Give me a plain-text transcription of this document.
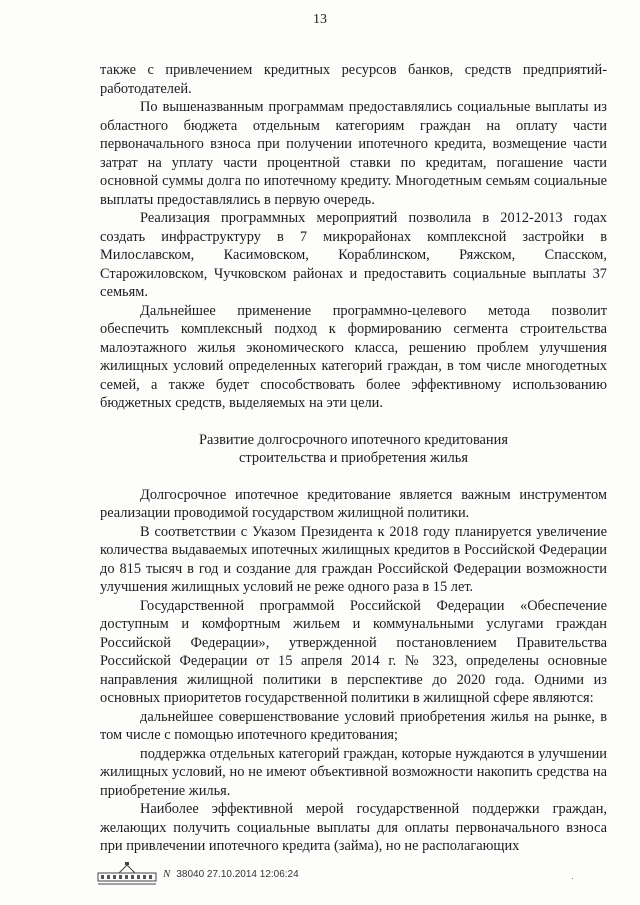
13

также с привлечением кредитных ресурсов банков, средств предприятий-работодателей.

По вышеназванным программам предоставлялись социальные выплаты из областного бюджета отдельным категориям граждан на оплату части первоначального взноса при получении ипотечного кредита, возмещение части затрат на уплату части процентной ставки по кредитам, погашение части основной суммы долга по ипотечному кредиту. Многодетным семьям социальные выплаты предоставлялись в первую очередь.

Реализация программных мероприятий позволила в 2012-2013 годах создать инфраструктуру в 7 микрорайонах комплексной застройки в Милославском, Касимовском, Кораблинском, Ряжском, Спасском, Старожиловском, Чучковском районах и предоставить социальные выплаты 37 семьям.

Дальнейшее применение программно-целевого метода позволит обеспечить комплексный подход к формированию сегмента строительства малоэтажного жилья экономического класса, решению проблем улучшения жилищных условий определенных категорий граждан, в том числе многодетных семей, а также будет способствовать более эффективному использованию бюджетных средств, выделяемых на эти цели.

Развитие долгосрочного ипотечного кредитования
строительства и приобретения жилья

Долгосрочное ипотечное кредитование является важным инструментом реализации проводимой государством жилищной политики.

В соответствии с Указом Президента к 2018 году планируется увеличение количества выдаваемых ипотечных жилищных кредитов в Российской Федерации до 815 тысяч в год и создание для граждан Российской Федерации возможности улучшения жилищных условий не реже одного раза в 15 лет.

Государственной программой Российской Федерации «Обеспечение доступным и комфортным жильем и коммунальными услугами граждан Российской Федерации», утвержденной постановлением Правительства Российской Федерации от 15 апреля 2014 г. № 323, определены основные направления жилищной политики в перспективе до 2020 года. Одними из основных приоритетов государственной политики в жилищной сфере являются:

дальнейшее совершенствование условий приобретения жилья на рынке, в том числе с помощью ипотечного кредитования;

поддержка отдельных категорий граждан, которые нуждаются в улучшении жилищных условий, но не имеют объективной возможности накопить средства на приобретение жилья.

Наиболее эффективной мерой государственной поддержки граждан, желающих получить социальные выплаты для оплаты первоначального взноса при привлечении ипотечного кредита (займа), но не располагающих

N 38040 27.10.2014 12:06:24	·
